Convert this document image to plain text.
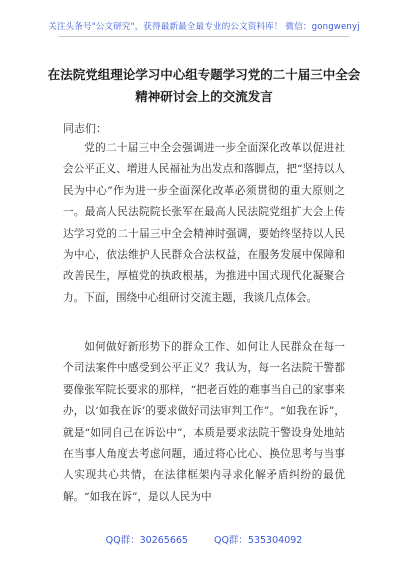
关注头条号"公文研究"，获得最新最全最专业的公文资料库！ 微信：gongwenyj
在法院党组理论学习中心组专题学习党的二十届三中全会
精神研讨会上的交流发言
同志们：

党的二十届三中全会强调进一步全面深化改革以促进社会公平正义、增进人民福祉为出发点和落脚点，把“坚持以人民为中心”作为进一步全面深化改革必须贯彻的重大原则之一。最高人民法院院长张军在最高人民法院党组扩大会上传达学习党的二十届三中全会精神时强调，要始终坚持以人民为中心，依法维护人民群众合法权益，在服务发展中保障和改善民生，厚植党的执政根基，为推进中国式现代化凝聚合力。下面，围绕中心组研讨交流主题，我谈几点体会。

如何做好新形势下的群众工作、如何让人民群众在每一个司法案件中感受到公平正义？我认为，每一名法院干警都要像张军院长要求的那样，“把老百姓的难事当自己的家事来办，以‘如我在诉’的要求做好司法审判工作”。“如我在诉”，就是“如同自己在诉讼中”，本质是要求法院干警设身处地站在当事人角度去考虑问题，通过将心比心、换位思考与当事人实现共心共情，在法律框架内寻求化解矛盾纠纷的最优解。“如我在诉”，是以人民为中

QQ群：30265665	QQ群：535304092
